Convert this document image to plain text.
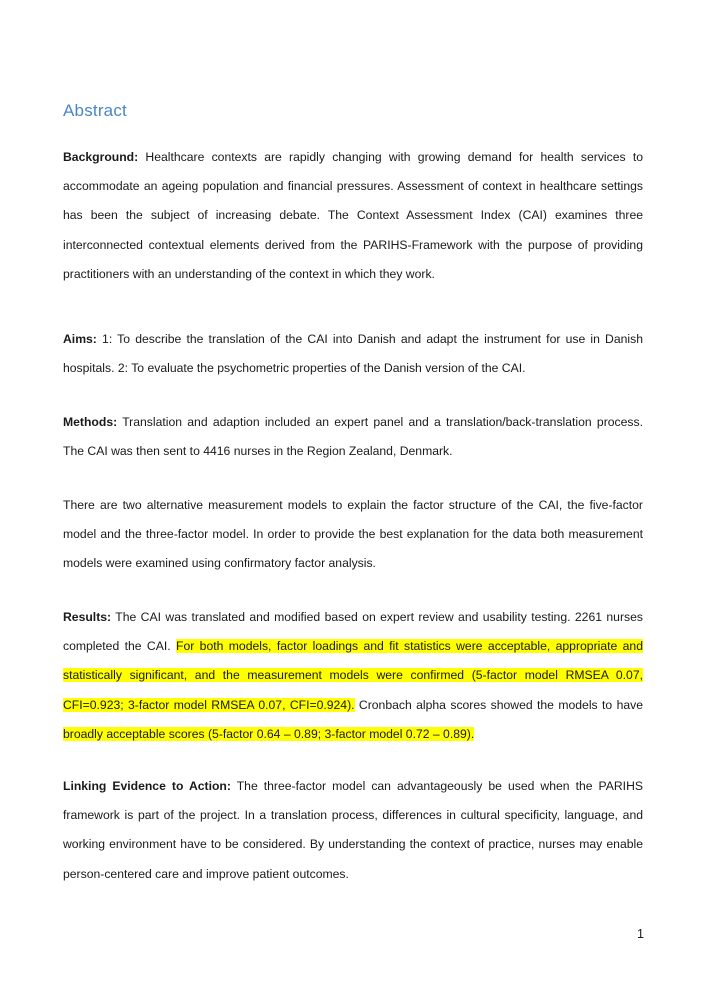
Abstract

Background: Healthcare contexts are rapidly changing with growing demand for health services to accommodate an ageing population and financial pressures. Assessment of context in healthcare settings has been the subject of increasing debate. The Context Assessment Index (CAI) examines three interconnected contextual elements derived from the PARIHS-Framework with the purpose of providing practitioners with an understanding of the context in which they work.

Aims: 1: To describe the translation of the CAI into Danish and adapt the instrument for use in Danish hospitals. 2: To evaluate the psychometric properties of the Danish version of the CAI.

Methods: Translation and adaption included an expert panel and a translation/back-translation process. The CAI was then sent to 4416 nurses in the Region Zealand, Denmark.

There are two alternative measurement models to explain the factor structure of the CAI, the five-factor model and the three-factor model. In order to provide the best explanation for the data both measurement models were examined using confirmatory factor analysis.

Results: The CAI was translated and modified based on expert review and usability testing. 2261 nurses completed the CAI. For both models, factor loadings and fit statistics were acceptable, appropriate and statistically significant, and the measurement models were confirmed (5-factor model RMSEA 0.07, CFI=0.923; 3-factor model RMSEA 0.07, CFI=0.924). Cronbach alpha scores showed the models to have broadly acceptable scores (5-factor 0.64 – 0.89; 3-factor model 0.72 – 0.89).

Linking Evidence to Action: The three-factor model can advantageously be used when the PARIHS framework is part of the project. In a translation process, differences in cultural specificity, language, and working environment have to be considered. By understanding the context of practice, nurses may enable person-centered care and improve patient outcomes.

1
